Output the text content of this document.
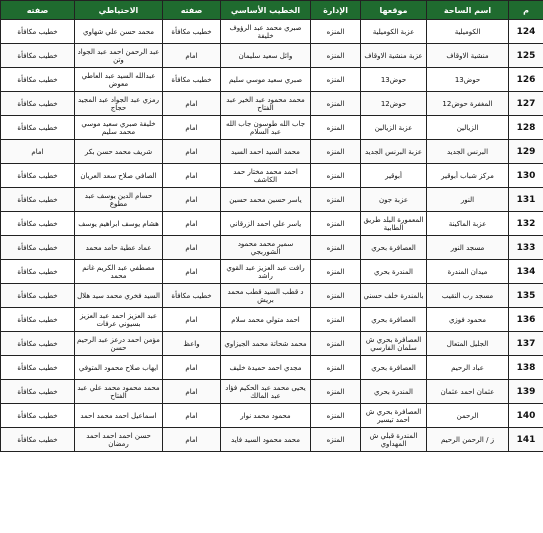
م	اسم الساحة	موقعها	الإدارة	الخطيب الأساسي	صفته	الاحتياطي	صفته
124	الكوميلية	عزبة الكوميلية	المنزه	صبري محمد عبد الرؤوف خليفة	خطيب مكافأة	محمد حسن علي شهاوي	خطيب مكافأة
125	منشية الاوقاف	عزبة منشية الاوقاف	المنزه	وائل سعيد سليمان	امام	عبد الرحمن احمد عبد الجواد وتن	خطيب مكافأة
126	حوض13	حوض13	المنزه	صبري سعيد موسي سليم	خطيب مكافأة	عبدالله السيد عبد العاطي معوض	خطيب مكافأة
127	المغفرة حوض12	حوض12	المنزه	محمد محمود عبد الخير عبد الفتاح	امام	رمزي عبد الجواد عبد المجيد حجاج	خطيب مكافأة
128	الزيالين	عزبة الزيالين	المنزه	جاب الله طوسون جاب الله عبد السلام	امام	خليفة صبري سعيد موسي محمد سليم	خطيب مكافأة
129	البرنس الجديد	عزبة البرنس الجديد	المنزه	محمد السيد احمد السيد	امام	شريف محمد حسن بكر	امام
130	مركز شباب أبوقير	أبوقير	المنزه	احمد محمد مختار حمد الكاشف	امام	الصافي صلاح سعد العريان	خطيب مكافأة
131	النور	عزبة جون	المنزه	ياسر حسين محمد حسين	امام	حسام الدين يوسف عبد مطوع	خطيب مكافأة
132	عزبة الماكينة	المعمورة البلد طريق الطابية	المنزه	ياسر علي احمد الزرقاني	امام	هشام يوسف ابراهيم يوسف	خطيب مكافأة
133	مسجد النور	العصافرة بحري	المنزه	سمير محمد محمود الشوربجي	امام	عماد عطية حامد محمد	خطيب مكافأة
134	ميدان المندرة	المندرة بحري	المنزه	رافت عبد العزيز عبد القوي راشد	امام	مصطفي عبد الكريم غانم محمد	خطيب مكافأة
135	مسجد رب النقيب	بالمندرة خلف حسني	المنزه	د قطب السيد قطب محمد بريش	خطيب مكافأة	السيد فخري محمد سيد هلال	خطيب مكافأة
136	محمود فوزي	العصافرة بحري	المنزه	احمد متولي محمد سلام	امام	عبد العزيز احمد عبد العزيز بسيوني عرفات	خطيب مكافأة
137	الجليل المتعال	العصافرة بحري ش سلمان الفارسي	المنزه	محمد شحاتة محمد الجيزاوي	واعظ	مؤمن احمد درعز عبد الرحيم حسن	خطيب مكافأة
138	عباد الرحيم	العصافرة بحري	المنزه	مجدي احمد حميدة خليف	امام	ايهاب صلاح محمود المتوفي	خطيب مكافأة
139	عثمان احمد عثمان	المندرة بحري	المنزه	يحيى محمد عبد الحكيم فؤاد عبد المالك	امام	محمد محمود محمد علي عبد الفتاح	خطيب مكافأة
140	الرحمن	العصافرة بحري ش احمد تيسير	المنزه	محمود محمد نوار	امام	اسماعيل احمد محمد احمد	خطيب مكافأة
141	ز / الرحمن الرحيم	المندرة قبلي ش المهداوي	المنزه	محمد محمود السيد فايد	امام	حسن احمد احمد احمد رمضان	خطيب مكافأة
